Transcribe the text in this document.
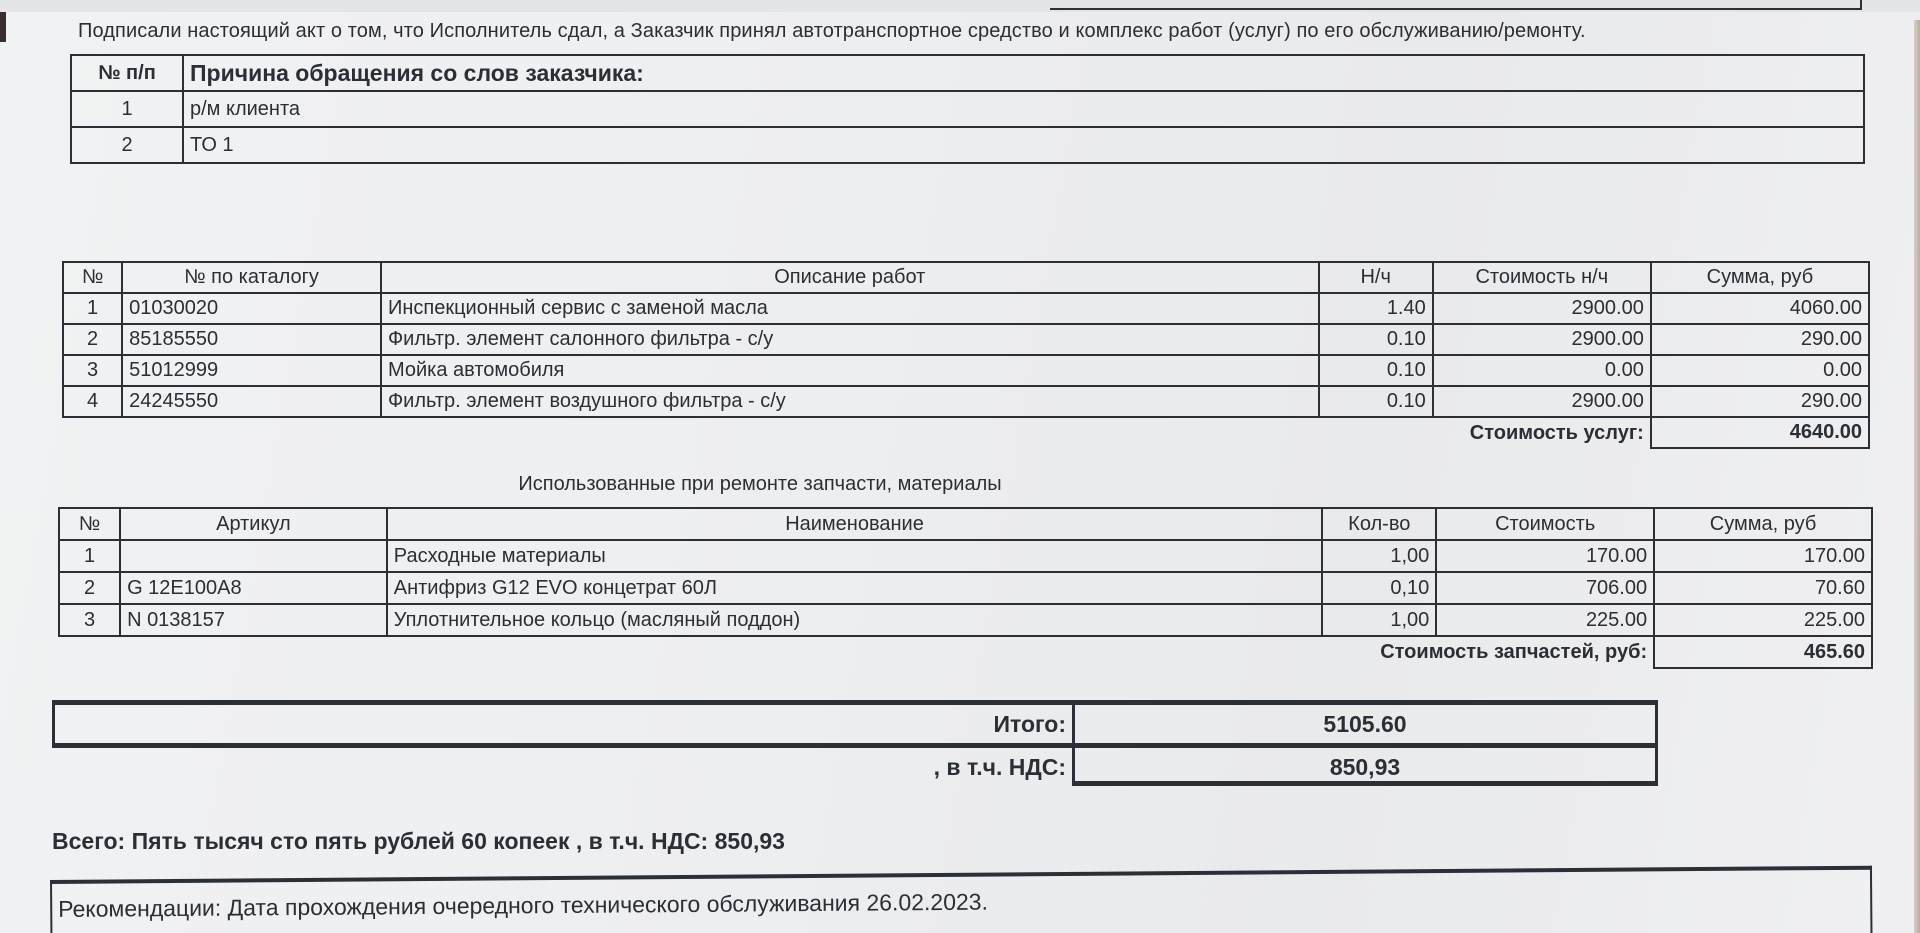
Подписали настоящий акт о том, что Исполнитель сдал, а Заказчик принял автотранспортное средство и комплекс работ (услуг) по его обслуживанию/ремонту.
№ п/п	Причина обращения со слов заказчика:
1	р/м клиента
2	ТО 1
№	№ по каталогу	Описание работ	Н/ч	Стоимость н/ч	Сумма, руб
1	01030020	Инспекционный сервис с заменой масла	1.40	2900.00	4060.00
2	85185550	Фильтр. элемент салонного фильтра - с/у	0.10	2900.00	290.00
3	51012999	Мойка автомобиля	0.10	0.00	0.00
4	24245550	Фильтр. элемент воздушного фильтра - с/у	0.10	2900.00	290.00
Стоимость услуг:					4640.00
Использованные при ремонте запчасти, материалы
№	Артикул	Наименование	Кол-во	Стоимость	Сумма, руб
1		Расходные материалы	1,00	170.00	170.00
2	G 12E100A8	Антифриз G12 EVO концетрат 60Л	0,10	706.00	70.60
3	N 0138157	Уплотнительное кольцо (масляный поддон)	1,00	225.00	225.00
Стоимость запчастей, руб:					465.60
Итого:	5105.60
, в т.ч. НДС:	850,93
Всего: Пять тысяч сто пять рублей 60 копеек , в т.ч. НДС: 850,93
Рекомендации: Дата прохождения очередного технического обслуживания 26.02.2023.
